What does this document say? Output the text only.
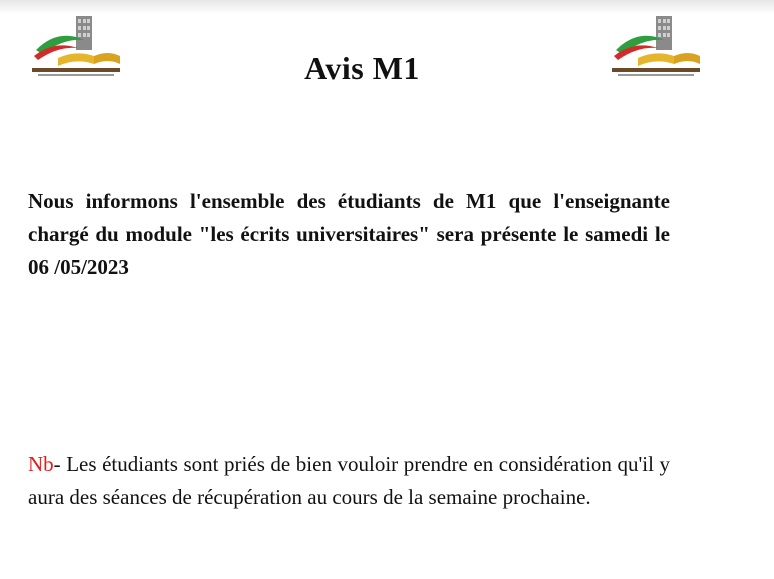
Avis M1

Nous informons l'ensemble des étudiants de M1 que l'enseignante chargé du module "les écrits universitaires" sera présente le samedi le 06 /05/2023

Nb- Les étudiants sont priés de bien vouloir prendre en considération qu'il y aura des séances de récupération au cours de la semaine prochaine.
